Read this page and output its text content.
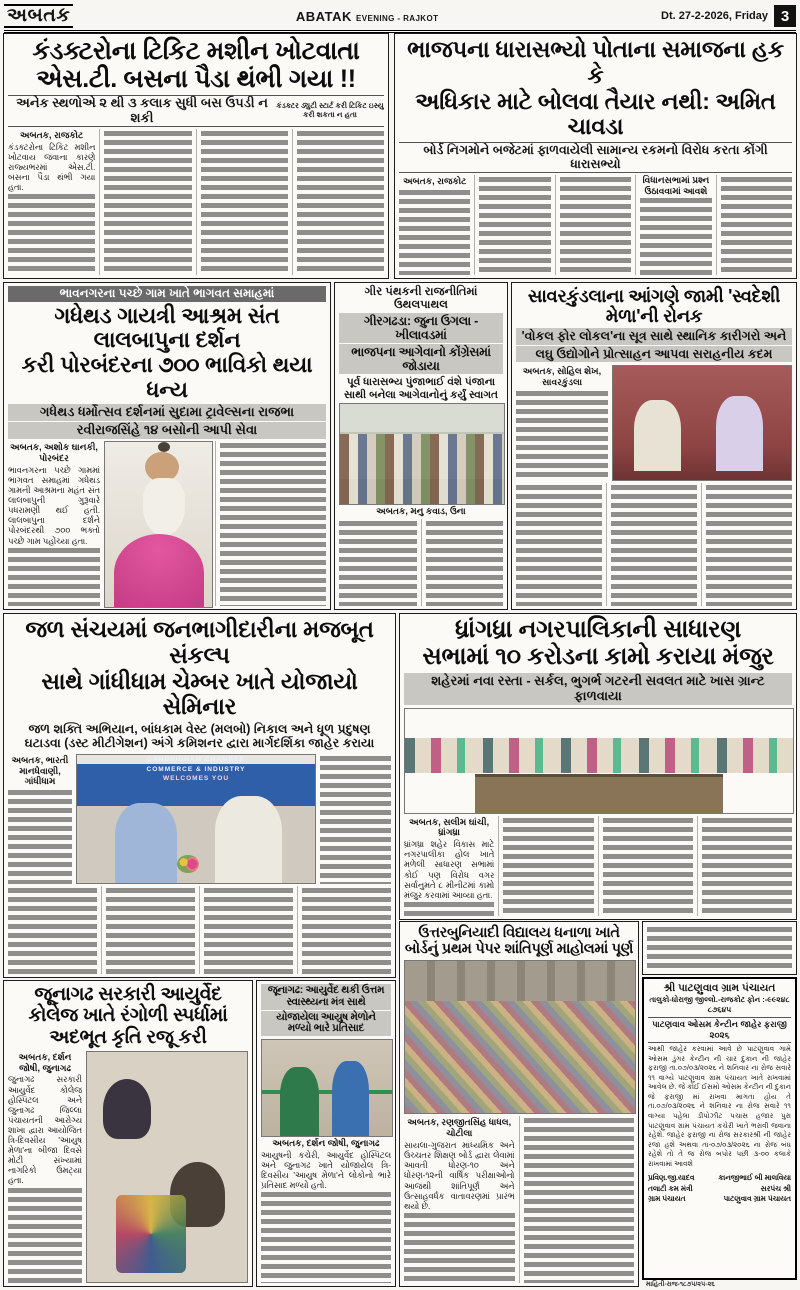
અબતક	ABATAK EVENING - RAJKOT	Dt. 27-2-2026, Friday 3
કંડક્ટરોના ટિકિટ મશીન ખોટવાતા
એસ.ટી. બસના પૈડા થંભી ગયા !!
અનેક સ્થળોએ ૨ થી ૩ કલાક સુધી બસ ઉપડી ન શકી
કંડક્ટર ડ્યુટી સ્ટાર્ટ કરી ટિકિટ ઇસ્યુ કરી શકતા ન હતા
અબતક, રાજકોટ
કંડક્ટરોના ટિકિટ મશીન ખોટવાય જવાના કારણે રાજ્યભરમાં એસ.ટી. બસના પૈડા થંભી ગયા હતા.
ભાજપના ધારાસભ્યો પોતાના સમાજના હક કે
અધિકાર માટે બોલવા તૈયાર નથી: અમિત ચાવડા
બોર્ડ નિગમોને બજેટમાં ફાળવાયેલી સામાન્ય રકમનો વિરોધ કરતા કોંગી ધારાસભ્યો
અબતક, રાજકોટ	વિધાનસભામાં પ્રશ્ન ઉઠાવવામાં આવશે
ભાવનગરના પચ્છે ગામ ખાતે ભાગવત સમાહમાં
ગધેથડ ગાયત્રી આશ્રમ સંત લાલબાપુના દર્શન
કરી પોરબંદરના ૭૦૦ ભાવિકો થયા ધન્ય
ગધેથડ ધર્મોત્સવ દર્શનમાં સુદામા ટ્રાવેલ્સના રાજભા
રવીરાજસિંહે ૧૪ બસોની આપી સેવા
અબતક, અશોક ઘાનકી, પોરબંદર
ભાવનગરના પચ્છે ગામમાં ભાગવત સમાહમાં ગધેથડ ગામની આશ્રમના મહંત સંત લાલબાપુની ગુરૂવારે પધરામણી થઈ હતી. લાલબાપુના દર્શને પોરબંદરથી ૭૦૦ ભક્તો પચ્છે ગામ પહોંચ્યા હતા.
ગીર પંથકની રાજનીતિમાં ઉથલપાથલ
ગીરગઢડા: જુના ઉગલા - ખીલાવડમાં
ભાજપના આગેવાનો કોંગ્રેસમાં જોડાયા
પૂર્વ ધારાસભ્ય પુંજાભાઈ વંશે પંજાના સાથી બનેલા આગેવાનોનું કર્યું સ્વાગત
અબતક, મનુ કવાડ, ઉના
સાવરકુંડલાના આંગણે જામી 'સ્વદેશી મેળા'ની રોનક
'વોકલ ફોર લોકલ'ના સૂત્ર સાથે સ્થાનિક કારીગરો અને
લઘુ ઉદ્યોગોને પ્રોત્સાહન આપવા સરાહનીય કદમ
અબતક, સોહિલ શેખ, સાવરકુંડલા
જળ સંચયમાં જનભાગીદારીના મજબૂત સંકલ્પ
સાથે ગાંધીધામ ચેમ્બર ખાતે યોજાયો સેમિનાર
જળ શક્તિ અભિયાન, બાંધકામ વેસ્ટ (મલબો) નિકાલ અને ધૂળ પ્રદુષણ
ઘટાડવા (ડસ્ટ મીટીગેશન) અંગે કમિશનર દ્વારા માર્ગદર્શિકા જાહેર કરાયા
અબતક, ભારતી માનધેવાણી, ગાંધીધામ
GANDHIDHAM CHAMBER
COMMERCE & INDUSTRY
WELCOMES YOU
ધ્રાંગધ્રા નગરપાલિકાની સાધારણ
સભામાં ૧૦ કરોડના કામો કરાયા મંજુર
શહેરમાં નવા રસ્તા - સર્કલ, ભુગર્ભ ગટરની સવલત માટે ખાસ ગ્રાન્ટ ફાળવાયા
અબતક, સલીમ ઘાંચી, ધ્રાંગધ્રા
ધ્રાંગધ્રા શહેર વિકાસ માટે નગરપાલીકા હોલ ખાતે મળેલી સાધારણ સભામાં કોઈ પણ વિરોધ વગર સર્વાનુમતે ૮ મીનીટમાં કામો મંજુર કરવામાં આવ્યા હતા.
ઉત્તરબુનિયાદી વિદ્યાલય ધનાળા ખાતે
બોર્ડનું પ્રથમ પેપર શાંતિપૂર્ણ માહોલમાં પૂર્ણ
અબતક, રણજીતસિંહ ધાધલ, ચોટીલા
સાયલા-ગુજરાત માધ્યમિક અને ઉચ્ચતર શિક્ષણ બોર્ડ દ્વારા લેવામાં આવતી ધોરણ-૧૦ અને ધોરણ-૧૨ની વાર્ષિક પરીક્ષાઓનો આજથી શાંતિપૂર્ણ અને ઉત્સાહવર્ધક વાતાવરણમાં પ્રારંભ થયો છે.
જૂનાગઢ સરકારી આયુર્વેદ
કોલેજ ખાતે રંગોળી સ્પર્ધામાં
અદભૂત કૃતિ રજૂ કરી
અબતક, દર્શન જોષી, જુનાગઢ
જુનાગઢ સરકારી આયુર્વેદ કોલેજ હોસ્પિટલ અને જુનાગઢ જિલ્લા પંચાયતની આરોગ્ય શાખા દ્વારા આયોજિત ત્રિ-દિવસીય 'આયુષ મેળા'ના બીજા દિવસે મોટી સંખ્યામાં નાગરિકો ઉમટ્યા હતા.
જૂનાગઢ: આયુર્વેદ થકી ઉત્તમ સ્વાસ્થ્યના મંત્ર સાથે
યોજાયેલા આયુષ મેળોને મળ્યો ભારે પ્રતિસાદ
અબતક, દર્શન જોષી, જુનાગઢ
આયુષની કચેરી, આયુર્વેદ હોસ્પિટલ અને જુનાગઢ ખાતે યોજાયેલ ત્રિ-દિવસીય 'આયુષ મેળા'ને લોકોનો ભારે પ્રતિસાદ મળ્યો હતો.
શ્રી પાટણુવાવ ગ્રામ પંચાયત
તાલુકો-ધોરાજી જીલ્લો.-રાજકોટ ફોન :-૯૯૨૪૮ ૮૭૬૪૫
પાટણવાવ ઓસમ કેન્ટીન જાહેર ફરાજી ૨૦૨૬
આથી જાહેર કરવામાં આવે છે પાટણુવાવ ગામે ઓસમ ડુંગર કેન્ટીન ની ચાર દુકાન ની જાહેર ફરાજી તા.૦૭/૦૩/૨૦૨૬ ને શનિવાર ના રોજ સવારે ૧૧ વાગ્યે પાટણુવાવ ગ્રામ પંચાયત ખાતે રાખવામાં આવેલ છે. જે કોઈ ઈસમો ઓસમ કેન્ટીન ની દુકાન જે ફરાજી માં રાખવા માગતા હોય તે તા.૦૭/૦૩/૨૦૨૬ ને શનિવાર ના રોજ સવારે ૧૧ વાગ્યા પહેલા ડીપોઝીટ પચાસ હજાર પુરા પાટણુવાવ ગ્રામ પંચાયત કચેરી ખાતે ભરાવી જવાના રહેશે. જાહેર ફરાજી ના રોજ સરકારશ્રી ની જાહેર રજા હશે અથવા તા-૦૭/૦૩/૨૦૨૬ ના રોજ બંધ રહેશે તો તે જ રોજ બપોર પછી ૩-૦૦ કલાકે રાખવામાં આવશે
પ્રવિણ.જી.યાદવ
તલાટી કમ મંત્રી
ગ્રામ પંચાયત
કાનજીભાઈ બી માલવિયા
સરપંચ શ્રી
પાટણુવાવ ગ્રામ પંચાયત
માહિતી-રાજ-૧૮૭૫/૨૫-૨૬
